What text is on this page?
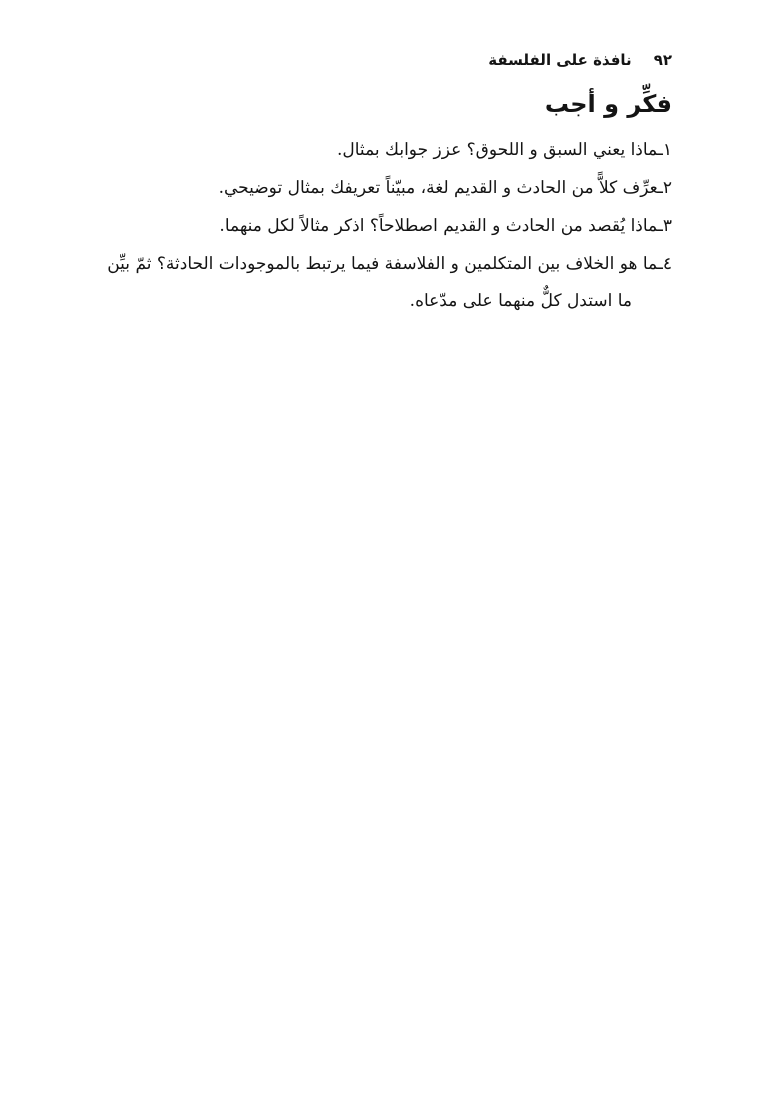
٩٢نافذة على الفلسفة
فكِّر و أجب
١ـماذا يعني السبق و اللحوق؟ عزز جوابك بمثال.
٢ـعرِّف كلاًّ من الحادث و القديم لغة، مبيّناً تعريفك بمثال توضيحي.
٣ـماذا يُقصد من الحادث و القديم اصطلاحاً؟ اذكر مثالاً لكل منهما.
٤ـما هو الخلاف بين المتكلمين و الفلاسفة فيما يرتبط بالموجودات الحادثة؟ ثمّ بيِّن
ما استدل كلٌّ منهما على مدّعاه.
